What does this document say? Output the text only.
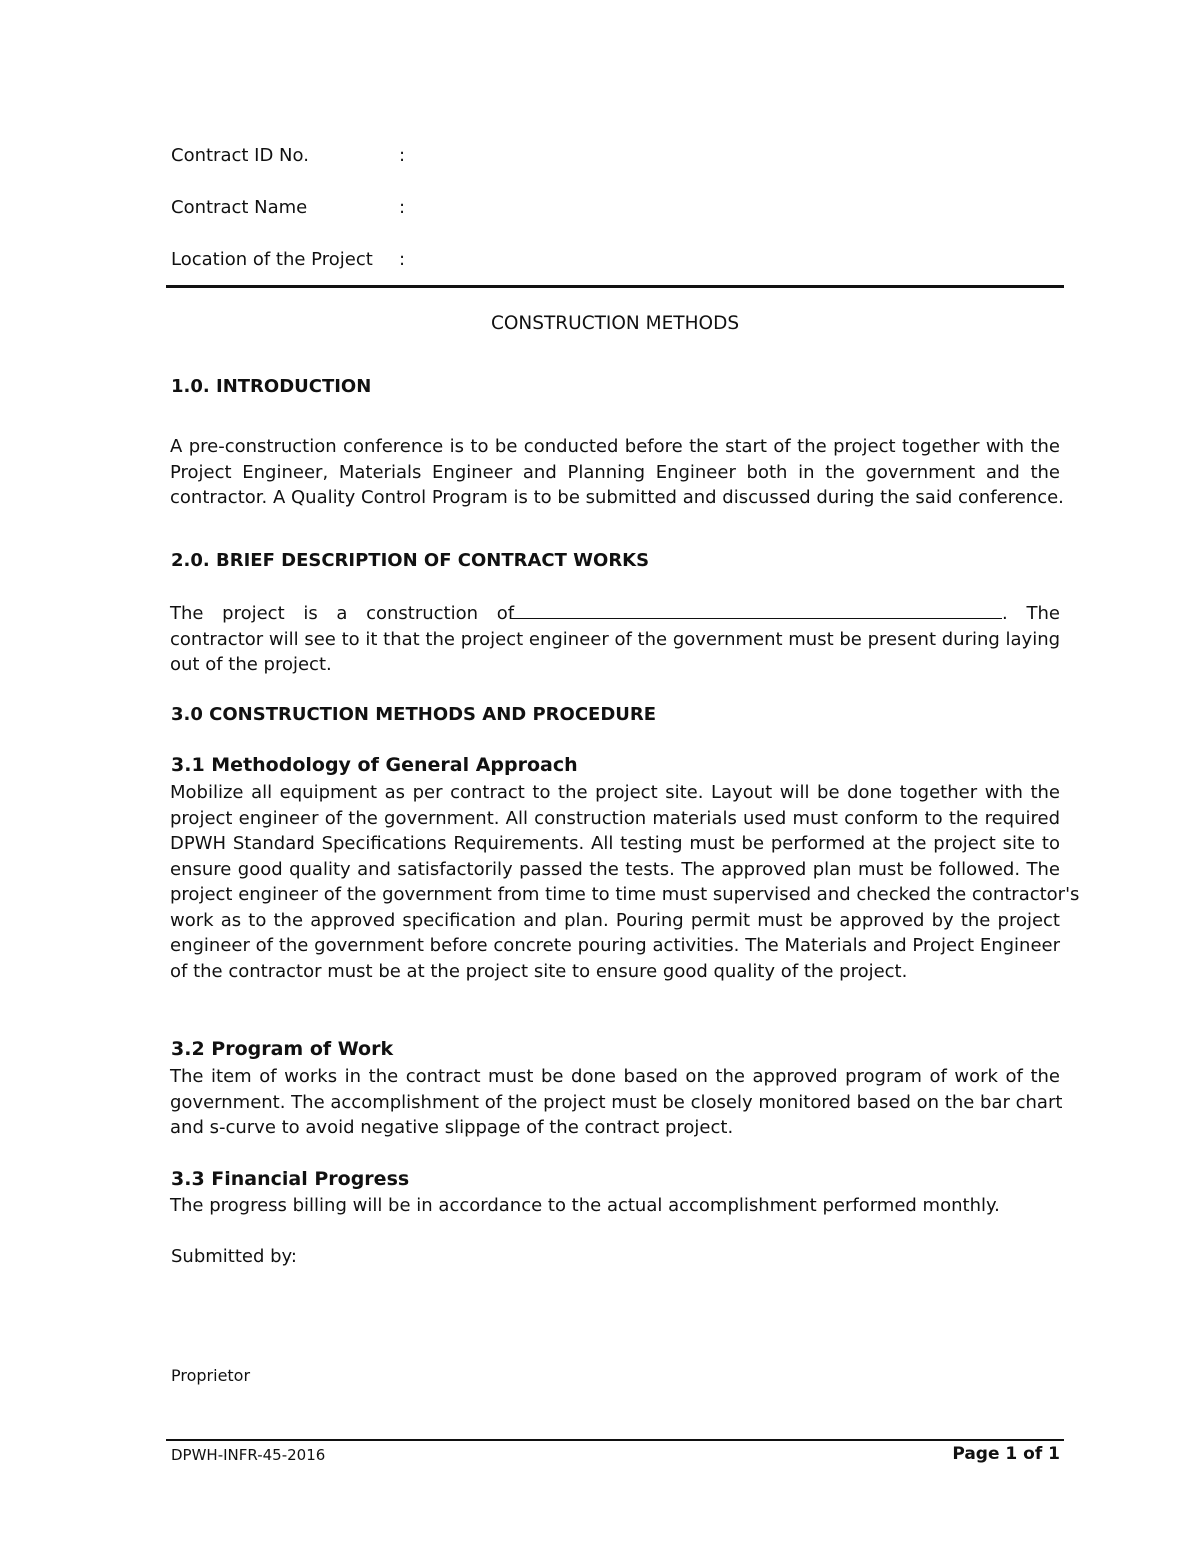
Contract ID No.	:
Contract Name	:
Location of the Project :
CONSTRUCTION METHODS
1.0. INTRODUCTION
A pre-construction conference is to be conducted before the start of the project together with the
Project Engineer, Materials Engineer and Planning Engineer both in the government and the
contractor. A Quality Control Program is to be submitted and discussed during the said conference.
2.0. BRIEF DESCRIPTION OF CONTRACT WORKS
The project is a construction of	. The
contractor will see to it that the project engineer of the government must be present during laying
out of the project.
3.0 CONSTRUCTION METHODS AND PROCEDURE
3.1 Methodology of General Approach
Mobilize all equipment as per contract to the project site. Layout will be done together with the
project engineer of the government. All construction materials used must conform to the required
DPWH Standard Specifications Requirements. All testing must be performed at the project site to
ensure good quality and satisfactorily passed the tests. The approved plan must be followed. The
project engineer of the government from time to time must supervised and checked the contractor's
work as to the approved specification and plan. Pouring permit must be approved by the project
engineer of the government before concrete pouring activities. The Materials and Project Engineer
of the contractor must be at the project site to ensure good quality of the project.
3.2 Program of Work
The item of works in the contract must be done based on the approved program of work of the
government. The accomplishment of the project must be closely monitored based on the bar chart
and s-curve to avoid negative slippage of the contract project.
3.3 Financial Progress
The progress billing will be in accordance to the actual accomplishment performed monthly.
Submitted by:
Proprietor
DPWH-INFR-45-2016	Page 1 of 1
